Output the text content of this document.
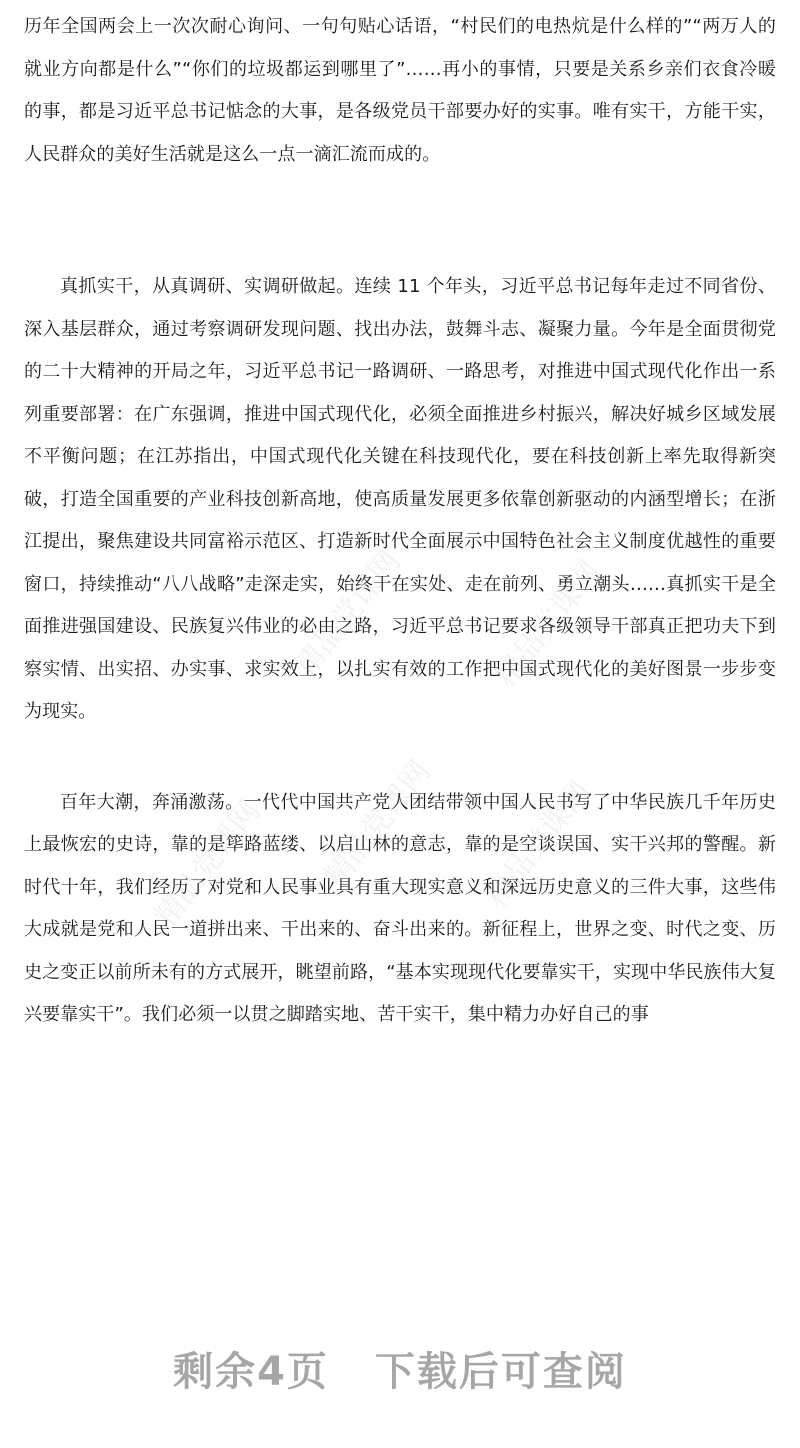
历年全国两会上一次次耐心询问、一句句贴心话语，“村民们的电热炕是什么样的”“两万人的就业方向都是什么”“你们的垃圾都运到哪里了”……再小的事情，只要是关系乡亲们衣食冷暖的事，都是习近平总书记惦念的大事，是各级党员干部要办好的实事。唯有实干，方能干实，人民群众的美好生活就是这么一点一滴汇流而成的。

真抓实干，从真调研、实调研做起。连续 11 个年头，习近平总书记每年走过不同省份、深入基层群众，通过考察调研发现问题、找出办法，鼓舞斗志、凝聚力量。今年是全面贯彻党的二十大精神的开局之年，习近平总书记一路调研、一路思考，对推进中国式现代化作出一系列重要部署：在广东强调，推进中国式现代化，必须全面推进乡村振兴，解决好城乡区域发展不平衡问题；在江苏指出，中国式现代化关键在科技现代化，要在科技创新上率先取得新突破，打造全国重要的产业科技创新高地，使高质量发展更多依靠创新驱动的内涵型增长；在浙江提出，聚焦建设共同富裕示范区、打造新时代全面展示中国特色社会主义制度优越性的重要窗口，持续推动“八八战略”走深走实，始终干在实处、走在前列、勇立潮头……真抓实干是全面推进强国建设、民族复兴伟业的必由之路，习近平总书记要求各级领导干部真正把功夫下到察实情、出实招、办实事、求实效上，以扎实有效的工作把中国式现代化的美好图景一步步变为现实。

百年大潮，奔涌激荡。一代代中国共产党人团结带领中国人民书写了中华民族几千年历史上最恢宏的史诗，靠的是筚路蓝缕、以启山林的意志，靠的是空谈误国、实干兴邦的警醒。新时代十年，我们经历了对党和人民事业具有重大现实意义和深远历史意义的三件大事，这些伟大成就是党和人民一道拼出来、干出来的、奋斗出来的。新征程上，世界之变、时代之变、历史之变正以前所未有的方式展开，眺望前路，“基本实现现代化要靠实干，实现中华民族伟大复兴要靠实干”。我们必须一以贯之脚踏实地、苦干实干，集中精力办好自己的事

精品党课网	精品党课网
精品党课网 精品党课网 精品党课网
剩余4页 下载后可查阅
